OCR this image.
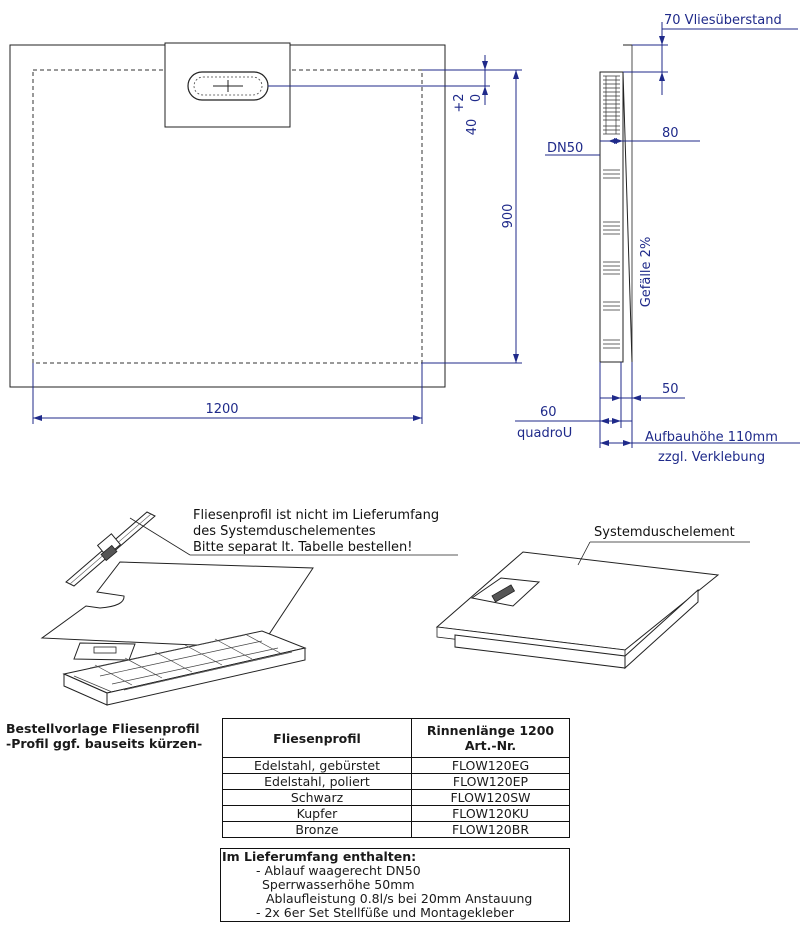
1200
900
+2 0
40
70 Vliesüberstand
DN50
80
Gefälle 2%
50
60
quadroU	Aufbauhöhe 110mm
zzgl. Verklebung
Fliesenprofil ist nicht im Lieferumfang
des Systemduschelementes
Bitte separat lt. Tabelle bestellen!
Systemduschelement
Bestellvorlage Fliesenprofil
-Profil ggf. bauseits kürzen-	Fliesenprofil	Rinnenlänge 1200
Art.-Nr.

Edelstahl, gebürstet	FLOW120EG
Edelstahl, poliert	FLOW120EP
Schwarz	FLOW120SW
Kupfer	FLOW120KU
Bronze	FLOW120BR
Im Lieferumfang enthalten:
- Ablauf waagerecht DN50
Sperrwasserhöhe 50mm
Ablaufleistung 0.8l/s bei 20mm Anstauung
- 2x 6er Set Stellfüße und Montagekleber
